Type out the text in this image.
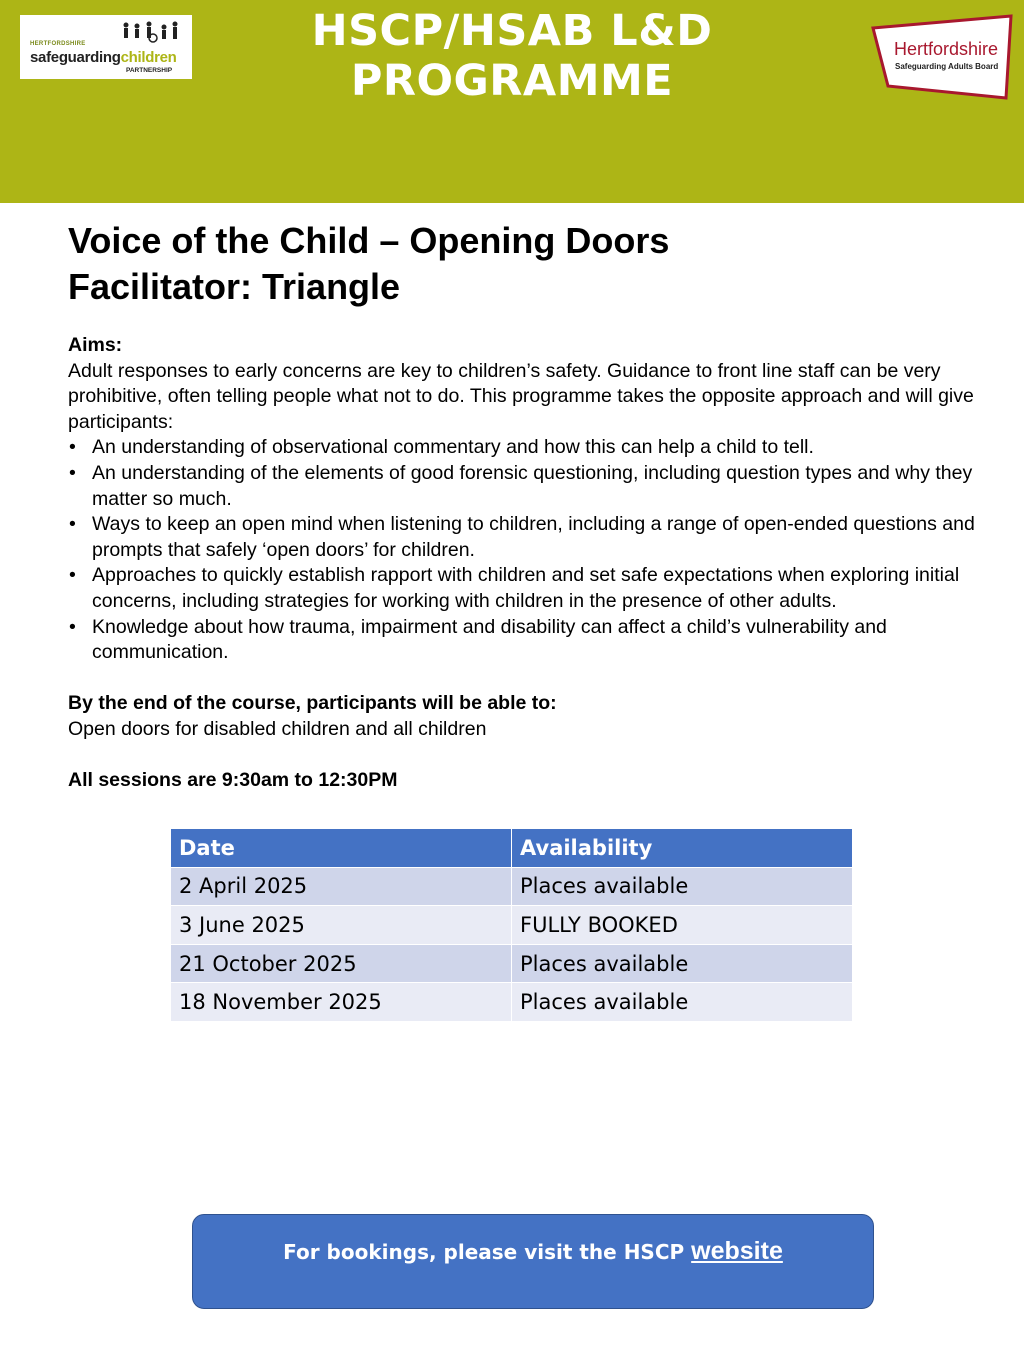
HERTFORDSHIRE
safeguardingchildren
PARTNERSHIP
HSCP/HSAB L&D PROGRAMME
Hertfordshire
Safeguarding Adults Board
Voice of the Child – Opening Doors
Facilitator: Triangle

Aims:

Adult responses to early concerns are key to children’s safety. Guidance to front line staff can be very prohibitive, often telling people what not to do. This programme takes the opposite approach and will give participants:

• An understanding of observational commentary and how this can help a child to tell.
• An understanding of the elements of good forensic questioning, including question types and why they matter so much.
• Ways to keep an open mind when listening to children, including a range of open-ended questions and prompts that safely ‘open doors’ for children.
• Approaches to quickly establish rapport with children and set safe expectations when exploring initial concerns, including strategies for working with children in the presence of other adults.
• Knowledge about how trauma, impairment and disability can affect a child’s vulnerability and communication.

By the end of the course, participants will be able to:

Open doors for disabled children and all children

All sessions are 9:30am to 12:30PM

Date	Availability
2 April 2025	Places available
3 June 2025	FULLY BOOKED
21 October 2025	Places available
18 November 2025	Places available
For bookings, please visit the HSCP website
